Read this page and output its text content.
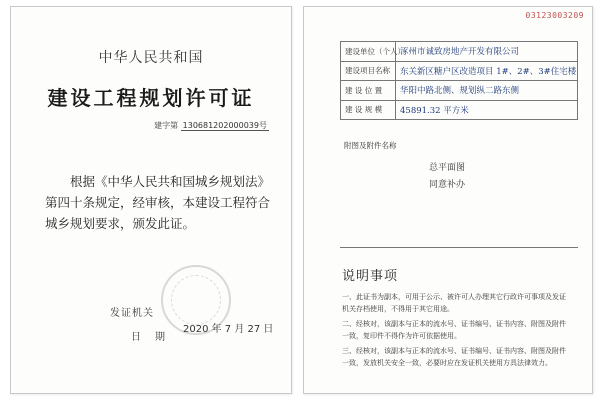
中华人民共和国
建设工程规划许可证
建字第 130681202000039号
根据《中华人民共和国城乡规划法》第四十条规定，经审核，本建设工程符合城乡规划要求，颁发此证。
发证机关
2020 年 7 月 27 日
日期
03123003209
建设单位（个人）	涿州市诚致房地产开发有限公司
建设项目名称	东关新区糖户区改造项目 1#、2#、3#住宅楼
建 设 位 置	华阳中路北侧、规划纵二路东侧
建 设 规 模	45891.32 平方米
附图及附件名称
总平面图
同意补办
说明事项
一、此证书为副本，可用于公示、被许可人办理其它行政许可事项及发证机关存档使用，不得用于其它用途。
二、经核对，该副本与正本的流水号、证书编号、证书内容、附图及附件一致，复印件不得作为许可依据使用。
三、经核对，该副本与正本的流水号、证书编号、证书内容、附图及附件一致，发放机关安全一致，必要时应在发证机关使用方具法律效力。
